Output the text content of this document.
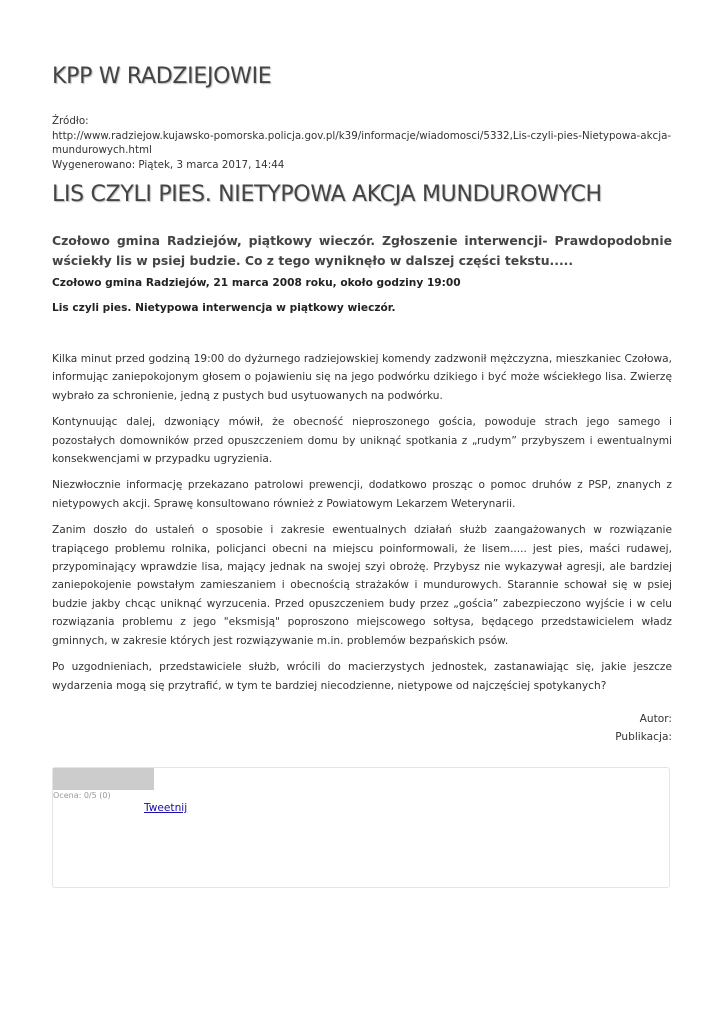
KPP W RADZIEJOWIE
Źródło:
http://www.radziejow.kujawsko-pomorska.policja.gov.pl/k39/informacje/wiadomosci/5332,Lis-czyli-pies-Nietypowa-akcja-mundurowych.html
Wygenerowano: Piątek, 3 marca 2017, 14:44
LIS CZYLI PIES. NIETYPOWA AKCJA MUNDUROWYCH
Czołowo gmina Radziejów, piątkowy wieczór. Zgłoszenie interwencji- Prawdopodobnie wściekły lis w psiej budzie. Co z tego wyniknęło w dalszej części tekstu.....
Czołowo gmina Radziejów, 21 marca 2008 roku, około godziny 19:00
Lis czyli pies. Nietypowa interwencja w piątkowy wieczór.

Kilka minut przed godziną 19:00 do dyżurnego radziejowskiej komendy zadzwonił mężczyzna, mieszkaniec Czołowa, informując zaniepokojonym głosem o pojawieniu się na jego podwórku dzikiego i być może wściekłego lisa. Zwierzę wybrało za schronienie, jedną z pustych bud usytuowanych na podwórku.

Kontynuując dalej, dzwoniący mówił, że obecność nieproszonego gościa, powoduje strach jego samego i pozostałych domowników przed opuszczeniem domu by uniknąć spotkania z „rudym” przybyszem i ewentualnymi konsekwencjami w przypadku ugryzienia.

Niezwłocznie informację przekazano patrolowi prewencji, dodatkowo prosząc o pomoc druhów z PSP, znanych z nietypowych akcji. Sprawę konsultowano również z Powiatowym Lekarzem Weterynarii.

Zanim doszło do ustaleń o sposobie i zakresie ewentualnych działań służb zaangażowanych w rozwiązanie trapiącego problemu rolnika, policjanci obecni na miejscu poinformowali, że lisem..... jest pies, maści rudawej, przypominający wprawdzie lisa, mający jednak na swojej szyi obrożę. Przybysz nie wykazywał agresji, ale bardziej zaniepokojenie powstałym zamieszaniem i obecnością strażaków i mundurowych. Starannie schował się w psiej budzie jakby chcąc uniknąć wyrzucenia. Przed opuszczeniem budy przez „gościa” zabezpieczono wyjście i w celu rozwiązania problemu z jego "eksmisją" poproszono miejscowego sołtysa, będącego przedstawicielem władz gminnych, w zakresie których jest rozwiązywanie m.in. problemów bezpańskich psów.

Po uzgodnieniach, przedstawiciele służb, wrócili do macierzystych jednostek, zastanawiając się, jakie jeszcze wydarzenia mogą się przytrafić, w tym te bardziej niecodzienne, nietypowe od najczęściej spotykanych?

Autor:
Publikacja:
Ocena: 0/5 (0)
Tweetnij
